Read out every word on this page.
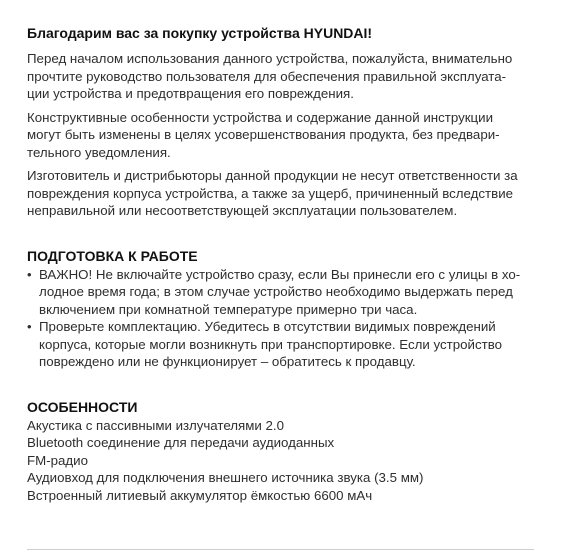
Благодарим вас за покупку устройства HYUNDAI!

Перед началом использования данного устройства, пожалуйста, внимательно
прочтите руководство пользователя для обеспечения правильной эксплуата-
ции устройства и предотвращения его повреждения.

Конструктивные особенности устройства и содержание данной инструкции
могут быть изменены в целях усовершенствования продукта, без предвари-
тельного уведомления.

Изготовитель и дистрибьюторы данной продукции не несут ответственности за
повреждения корпуса устройства, а также за ущерб, причиненный вследствие
неправильной или несоответствующей эксплуатации пользователем.

ПОДГОТОВКА К РАБОТЕ
• ВАЖНО! Не включайте устройство сразу, если Вы принесли его с улицы в хо-
лодное время года; в этом случае устройство необходимо выдержать перед
включением при комнатной температуре примерно три часа.
• Проверьте комплектацию. Убедитесь в отсутствии видимых повреждений
корпуса, которые могли возникнуть при транспортировке. Если устройство
повреждено или не функционирует – обратитесь к продавцу.
ОСОБЕННОСТИ
Акустика с пассивными излучателями 2.0
Bluetooth соединение для передачи аудиоданных
FM-радио
Аудиовход для подключения внешнего источника звука (3.5 мм)
Встроенный литиевый аккумулятор ёмкостью 6600 мАч
